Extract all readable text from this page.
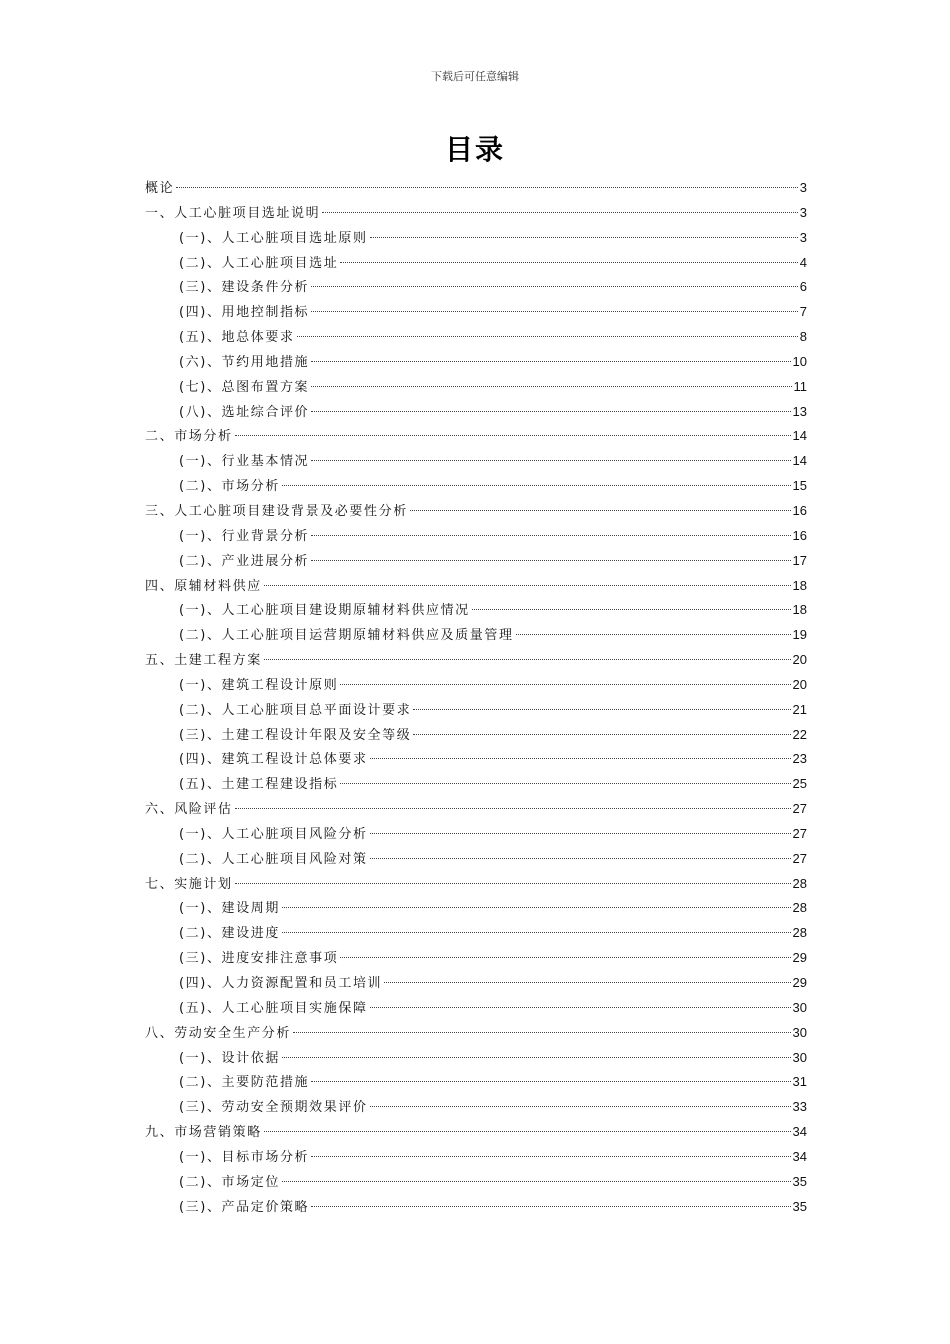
下载后可任意编辑
目录
概论	3
一、人工心脏项目选址说明	3
(一)、人工心脏项目选址原则	3
(二)、人工心脏项目选址	4
(三)、建设条件分析	6
(四)、用地控制指标	7
(五)、地总体要求	8
(六)、节约用地措施	10
(七)、总图布置方案	11
(八)、选址综合评价	13
二、市场分析	14
(一)、行业基本情况	14
(二)、市场分析	15
三、人工心脏项目建设背景及必要性分析	16
(一)、行业背景分析	16
(二)、产业进展分析	17
四、原辅材料供应	18
(一)、人工心脏项目建设期原辅材料供应情况	18
(二)、人工心脏项目运营期原辅材料供应及质量管理	19
五、土建工程方案	20
(一)、建筑工程设计原则	20
(二)、人工心脏项目总平面设计要求	21
(三)、土建工程设计年限及安全等级	22
(四)、建筑工程设计总体要求	23
(五)、土建工程建设指标	25
六、风险评估	27
(一)、人工心脏项目风险分析	27
(二)、人工心脏项目风险对策	27
七、实施计划	28
(一)、建设周期	28
(二)、建设进度	28
(三)、进度安排注意事项	29
(四)、人力资源配置和员工培训	29
(五)、人工心脏项目实施保障	30
八、劳动安全生产分析	30
(一)、设计依据	30
(二)、主要防范措施	31
(三)、劳动安全预期效果评价	33
九、市场营销策略	34
(一)、目标市场分析	34
(二)、市场定位	35
(三)、产品定价策略	35
